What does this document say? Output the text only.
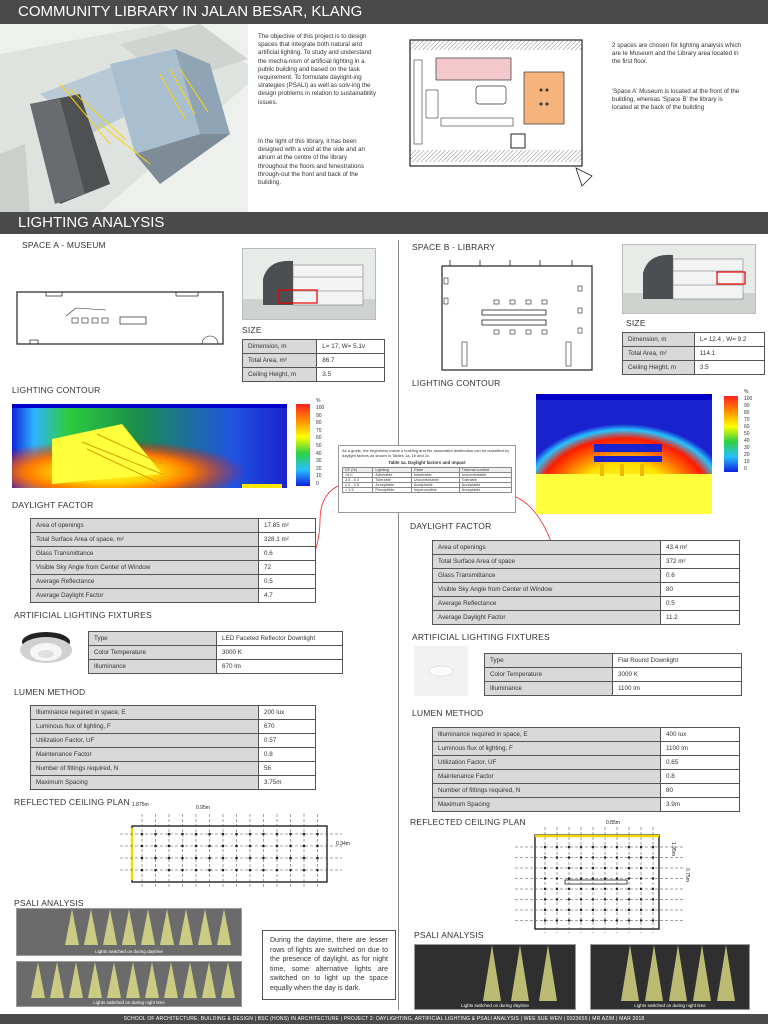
COMMUNITY LIBRARY IN JALAN BESAR, KLANG
The objective of this project is to design spaces that integrate both natural and artificial lighting. To study and understand the mecha-nism of artificial lighting in a public building and based on the task requirement. To formulate daylight-ing strategies (PSALI) as well as solv-ing the design problems in relation to sustainability issues.
In the light of this library, it has been designed with a void at the side and an atrium at the centre of the library throughout the floors and fenestrations through-out the front and back of the building.
2 spaces are chosen for lighting analysis which are te Museum and the Library area located in the first floor.
'Space A' Museum is located at the front of the building, whereas 'Space B' the library is located at the back of the building
LIGHTING ANALYSIS
SPACE A - MUSEUM
SIZE
Dimension, m	L= 17, W= 5.1v
Total Area, m²	86.7
Ceiling Height, m	3.5
LIGHTING CONTOUR
%
100
90
80
70
60
50
40
30
20
10
0
As a guide, the brightness inside a building and the associated distribution can be classified by daylight factors as shown in Tables 1a, 1b and 1c.
Table 1a. Daylight factors and impact
DF (%)	Lighting	Glare	Thermal comfort
>6.0	Admirable	Intolerable	Uncomfortable
3.5 - 6.0	Tolerable	Uncomfortable	Tolerable
2.0 - 3.5	Acceptable	Acceptable	Acceptable
< 1.5	Perceptible	Imperceptible	Acceptable
DAYLIGHT FACTOR
Area of openings	17.85 m²
Total Surface Area of space, m²	328.1 m²
Glass Transmittance	0.6
Visible Sky Angle from Center of Window	72
Average Reflectance	0.5
Average Daylight Factor	4.7
ARTIFICIAL LIGHTING FIXTURES
Type	LED Faceted Reflector Downlight
Color Temperature	3000 K
Illuminance	670 lm
LUMEN METHOD
Illuminance required in space, E	200 lux
Luminous flux of lighting, F	670
Utilization Factor, UF	0.57
Maintenance Factor	0.8
Number of fittings required, N	56
Maximum Spacing	3.75m
REFLECTED CEILING PLAN 1.875m	0.95m
0.34m
PSALI ANALYSIS
Lights switched on during daytime
Lights switched on during night time
During the daytime, there are lesser rows of lights are switched on due to the presence of daylight, as for night time, some alternative lights are switched on to light up the space equally when the day is dark.
SPACE B - LIBRARY
SIZE
Dimension, m	L= 12.4 , W= 9.2
Total Area, m²	114.1
Ceiling Height, m	3.5
LIGHTING CONTOUR
%
100
90
80
70
60
50
40
30
20
10
0
DAYLIGHT FACTOR
Area of openings	43.4 m²
Total Surface Area of space	372 m²
Glass Transmittance	0.6
Visible Sky Angle from Center of Window	80
Average Reflectance	0.5
Average Daylight Factor	11.2
ARTIFICIAL LIGHTING FIXTURES
Type	Flat Round Downlight
Color Temperature	3000 K
Illuminance	1100 lm
LUMEN METHOD
Illuminance required in space, E	400 lux
Luminous flux of lighting, F	1100 lm
Utilization Factor, UF	0.65
Maintenance Factor	0.8
Number of fittings required, N	80
Maximum Spacing	3.9m
REFLECTED CEILING PLAN	0.85m
1.95m
0.75m
PSALI ANALYSIS
Lights switched on during daytime	Lights switched on during night time
SCHOOL OF ARCHITECTURE, BUILDING & DESIGN | BSC (HONS) IN ARCHITECTURE | PROJECT 2: DAYLIGHTING, ARTIFICIAL LIGHTING & PSALI ANALYSIS | WEE SUE WEN | 0323655 | MR AZIM | MAR 2018
